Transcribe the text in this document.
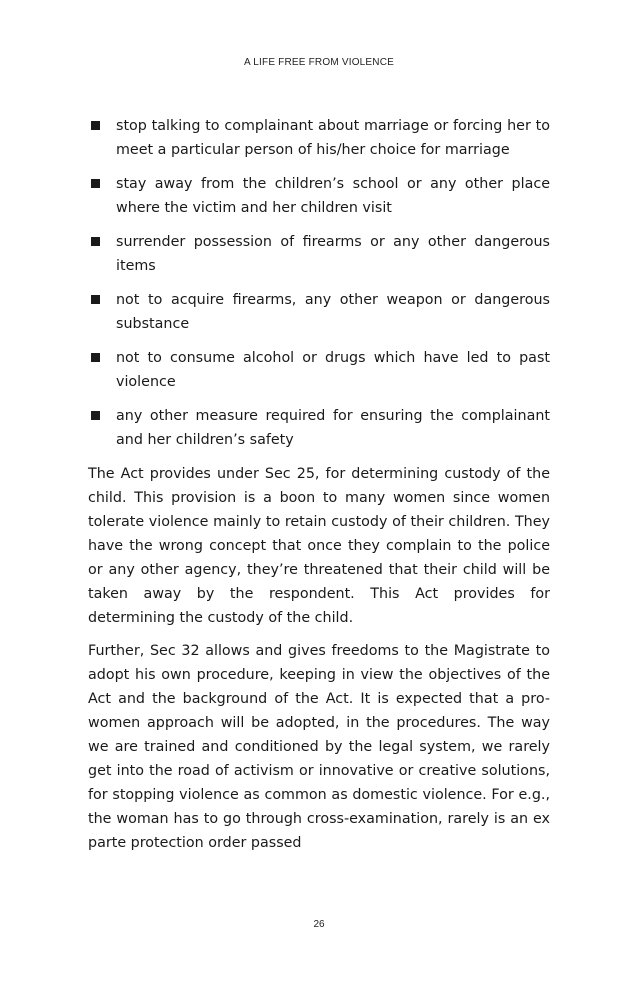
A LIFE FREE FROM VIOLENCE
stop talking to complainant about marriage or forcing her to meet a particular person of his/her choice for marriage
stay away from the children’s school or any other place where the victim and her children visit
surrender possession of firearms or any other dangerous items
not to acquire firearms, any other weapon or dangerous substance
not to consume alcohol or drugs which have led to past violence
any other measure required for ensuring the complainant and her children’s safety

The Act provides under Sec 25, for determining custody of the child. This provision is a boon to many women since women tolerate violence mainly to retain custody of their children. They have the wrong concept that once they complain to the police or any other agency, they’re threatened that their child will be taken away by the respondent. This Act provides for determining the custody of the child.

Further, Sec 32 allows and gives freedoms to the Magistrate to adopt his own procedure, keeping in view the objectives of the Act and the background of the Act. It is expected that a pro-women approach will be adopted, in the procedures. The way we are trained and conditioned by the legal system, we rarely get into the road of activism or innovative or creative solutions, for stopping violence as common as domestic violence. For e.g., the woman has to go through cross-examination, rarely is an ex parte protection order passed

26
